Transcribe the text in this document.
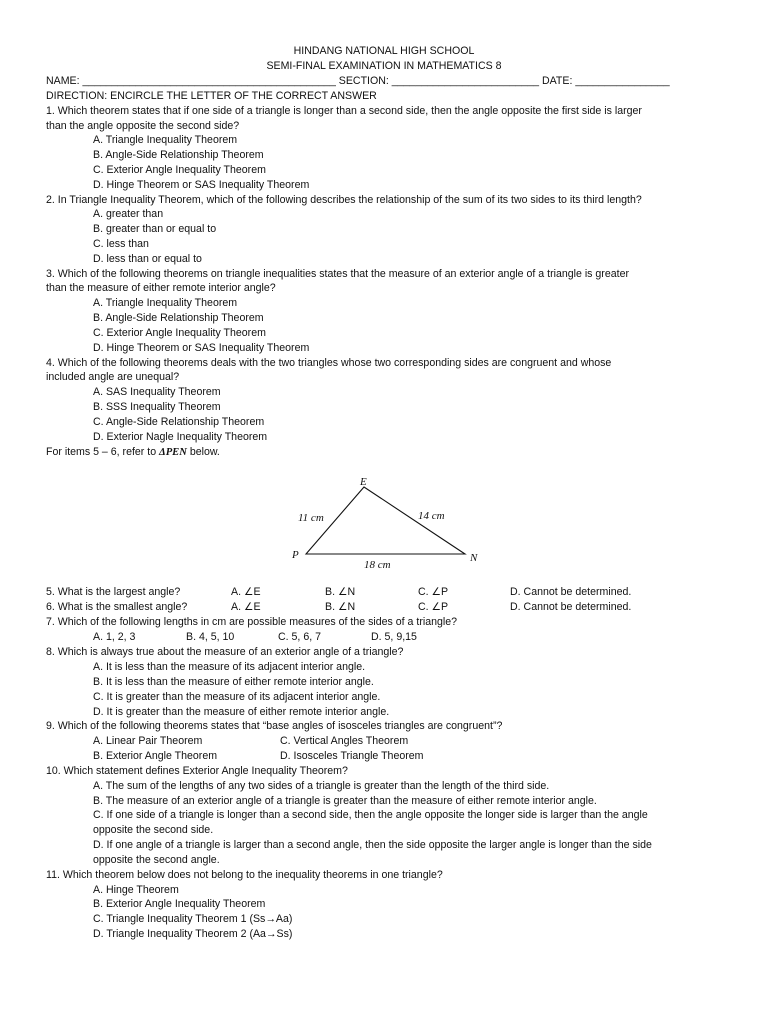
HINDANG NATIONAL HIGH SCHOOL
SEMI-FINAL EXAMINATION IN MATHEMATICS 8
NAME: ___________________________________________ SECTION: _________________________ DATE: ________________
DIRECTION: ENCIRCLE THE LETTER OF THE CORRECT ANSWER
1. Which theorem states that if one side of a triangle is longer than a second side, then the angle opposite the first side is larger
than the angle opposite the second side?
A. Triangle Inequality Theorem
B. Angle-Side Relationship Theorem
C. Exterior Angle Inequality Theorem
D. Hinge Theorem or SAS Inequality Theorem
2. In Triangle Inequality Theorem, which of the following describes the relationship of the sum of its two sides to its third length?
A. greater than
B. greater than or equal to
C. less than
D. less than or equal to
3. Which of the following theorems on triangle inequalities states that the measure of an exterior angle of a triangle is greater
than the measure of either remote interior angle?
A. Triangle Inequality Theorem
B. Angle-Side Relationship Theorem
C. Exterior Angle Inequality Theorem
D. Hinge Theorem or SAS Inequality Theorem
4. Which of the following theorems deals with the two triangles whose two corresponding sides are congruent and whose
included angle are unequal?
A. SAS Inequality Theorem
B. SSS Inequality Theorem
C. Angle-Side Relationship Theorem
D. Exterior Nagle Inequality Theorem
For items 5 – 6, refer to ΔPEN below.
E
P	N
11 cm	14 cm
18 cm
5. What is the largest angle?	A. ∠E	B. ∠N	C. ∠P	D. Cannot be determined.
6. What is the smallest angle?	A. ∠E	B. ∠N	C. ∠P	D. Cannot be determined.
7. Which of the following lengths in cm are possible measures of the sides of a triangle?
A. 1, 2, 3	B. 4, 5, 10	C. 5, 6, 7	D. 5, 9,15
8. Which is always true about the measure of an exterior angle of a triangle?
A. It is less than the measure of its adjacent interior angle.
B. It is less than the measure of either remote interior angle.
C. It is greater than the measure of its adjacent interior angle.
D. It is greater than the measure of either remote interior angle.
9. Which of the following theorems states that “base angles of isosceles triangles are congruent”?
A. Linear Pair Theorem	C. Vertical Angles Theorem
B. Exterior Angle Theorem	D. Isosceles Triangle Theorem
10. Which statement defines Exterior Angle Inequality Theorem?
A. The sum of the lengths of any two sides of a triangle is greater than the length of the third side.
B. The measure of an exterior angle of a triangle is greater than the measure of either remote interior angle.
C. If one side of a triangle is longer than a second side, then the angle opposite the longer side is larger than the angle
opposite the second side.
D. If one angle of a triangle is larger than a second angle, then the side opposite the larger angle is longer than the side
opposite the second angle.
11. Which theorem below does not belong to the inequality theorems in one triangle?
A. Hinge Theorem
B. Exterior Angle Inequality Theorem
C. Triangle Inequality Theorem 1 (Ss→Aa)
D. Triangle Inequality Theorem 2 (Aa→Ss)
